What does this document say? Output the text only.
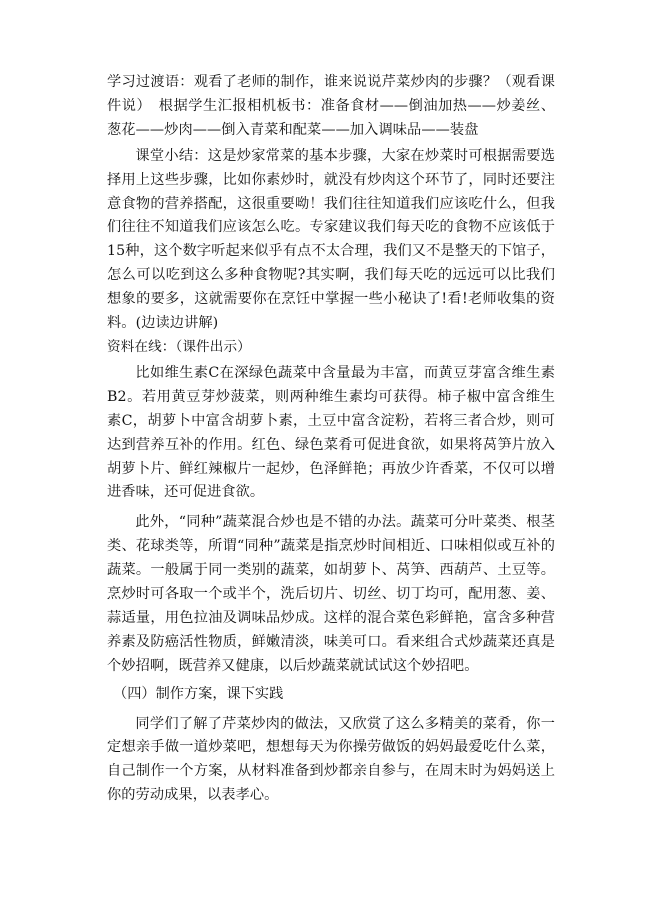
学习过渡语：观看了老师的制作，谁来说说芹菜炒肉的步骤？（观看课件说）　根据学生汇报相机板书：准备食材——倒油加热——炒姜丝、葱花——炒肉——倒入青菜和配菜——加入调味品——装盘

课堂小结：这是炒家常菜的基本步骤，大家在炒菜时可根据需要选择用上这些步骤，比如你素炒时，就没有炒肉这个环节了，同时还要注意食物的营养搭配，这很重要呦！我们往往知道我们应该吃什么，但我们往往不知道我们应该怎么吃。专家建议我们每天吃的食物不应该低于15种，这个数字听起来似乎有点不太合理，我们又不是整天的下馆子，怎么可以吃到这么多种食物呢?其实啊，我们每天吃的远远可以比我们想象的要多，这就需要你在烹饪中掌握一些小秘诀了!看!老师收集的资料。(边读边讲解)

资料在线：（课件出示）

比如维生素C在深绿色蔬菜中含量最为丰富，而黄豆芽富含维生素B2。若用黄豆芽炒菠菜，则两种维生素均可获得。柿子椒中富含维生素C，胡萝卜中富含胡萝卜素，土豆中富含淀粉，若将三者合炒，则可达到营养互补的作用。红色、绿色菜肴可促进食欲，如果将莴笋片放入胡萝卜片、鲜红辣椒片一起炒，色泽鲜艳；再放少许香菜，不仅可以增进香味，还可促进食欲。

此外，“同种”蔬菜混合炒也是不错的办法。蔬菜可分叶菜类、根茎类、花球类等，所谓“同种”蔬菜是指烹炒时间相近、口味相似或互补的蔬菜。一般属于同一类别的蔬菜，如胡萝卜、莴笋、西葫芦、土豆等。烹炒时可各取一个或半个，洗后切片、切丝、切丁均可，配用葱、姜、蒜适量，用色拉油及调味品炒成。这样的混合菜色彩鲜艳，富含多种营养素及防癌活性物质，鲜嫩清淡，味美可口。看来组合式炒蔬菜还真是个妙招啊，既营养又健康，以后炒蔬菜就试试这个妙招吧。

（四）制作方案，课下实践

同学们了解了芹菜炒肉的做法，又欣赏了这么多精美的菜肴，你一定想亲手做一道炒菜吧，想想每天为你操劳做饭的妈妈最爱吃什么菜，自己制作一个方案，从材料准备到炒都亲自参与，在周末时为妈妈送上你的劳动成果，以表孝心。
